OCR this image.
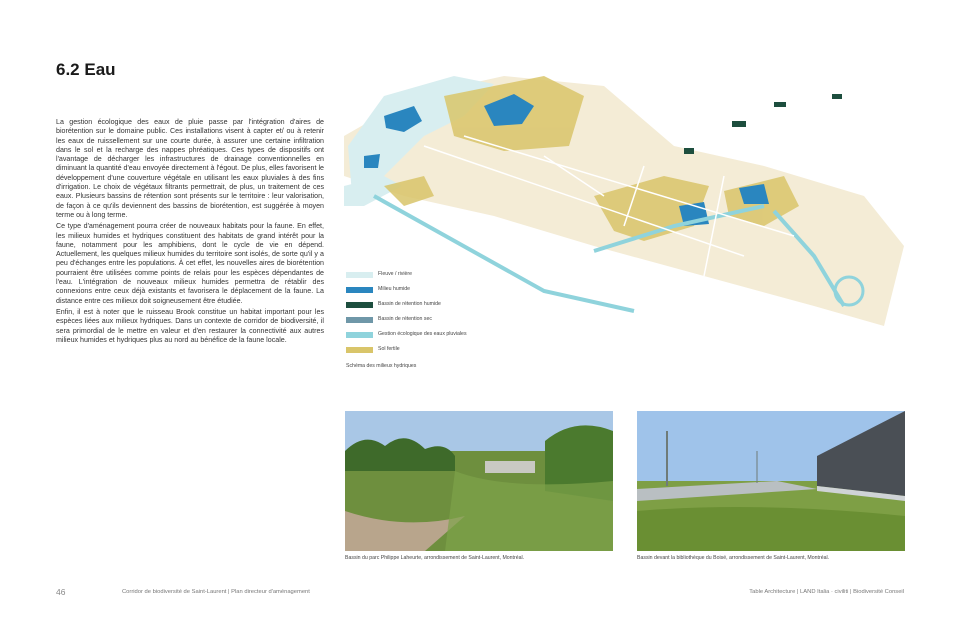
6.2 Eau

La gestion écologique des eaux de pluie passe par l'intégration d'aires de biorétention sur le domaine public. Ces installations visent à capter et/ ou à retenir les eaux de ruissellement sur une courte durée, à assurer une certaine infiltration dans le sol et la recharge des nappes phréatiques. Ces types de dispositifs ont l'avantage de décharger les infrastructures de drainage conventionnelles en diminuant la quantité d'eau envoyée directement à l'égout. De plus, elles favorisent le développement d'une couverture végétale en utilisant les eaux pluviales à des fins d'irrigation. Le choix de végétaux filtrants permettrait, de plus, un traitement de ces eaux. Plusieurs bassins de rétention sont présents sur le territoire : leur valorisation, de façon à ce qu'ils deviennent des bassins de biorétention, est suggérée à moyen terme ou à long terme.

Ce type d'aménagement pourra créer de nouveaux habitats pour la faune. En effet, les milieux humides et hydriques constituent des habitats de grand intérêt pour la faune, notamment pour les amphibiens, dont le cycle de vie en dépend. Actuellement, les quelques milieux humides du territoire sont isolés, de sorte qu'il y a peu d'échanges entre les populations. À cet effet, les nouvelles aires de biorétention pourraient être utilisées comme points de relais pour les espèces dépendantes de l'eau. L'intégration de nouveaux milieux humides permettra de rétablir des connexions entre ceux déjà existants et favorisera le déplacement de la faune. La distance entre ces milieux doit soigneusement être étudiée.

Enfin, il est à noter que le ruisseau Brook constitue un habitat important pour les espèces liées aux milieux hydriques. Dans un contexte de corridor de biodiversité, il sera primordial de le mettre en valeur et d'en restaurer la connectivité aux autres milieux humides et hydriques plus au nord au bénéfice de la faune locale.

Fleuve / rivière
Milieu humide
Bassin de rétention humide
Bassin de rétention sec
Gestion écologique des eaux pluviales
Sol fertile
Schéma des milieux hydriques
Bassin du parc Philippe Laheurte, arrondissement de Saint-Laurent, Montréal.	Bassin devant la bibliothèque du Boisé, arrondissement de Saint-Laurent, Montréal.
46	Corridor de biodiversité de Saint-Laurent | Plan directeur d'aménagement	Table Architecture | LAND Italia · civiliti | Biodiversité Conseil
